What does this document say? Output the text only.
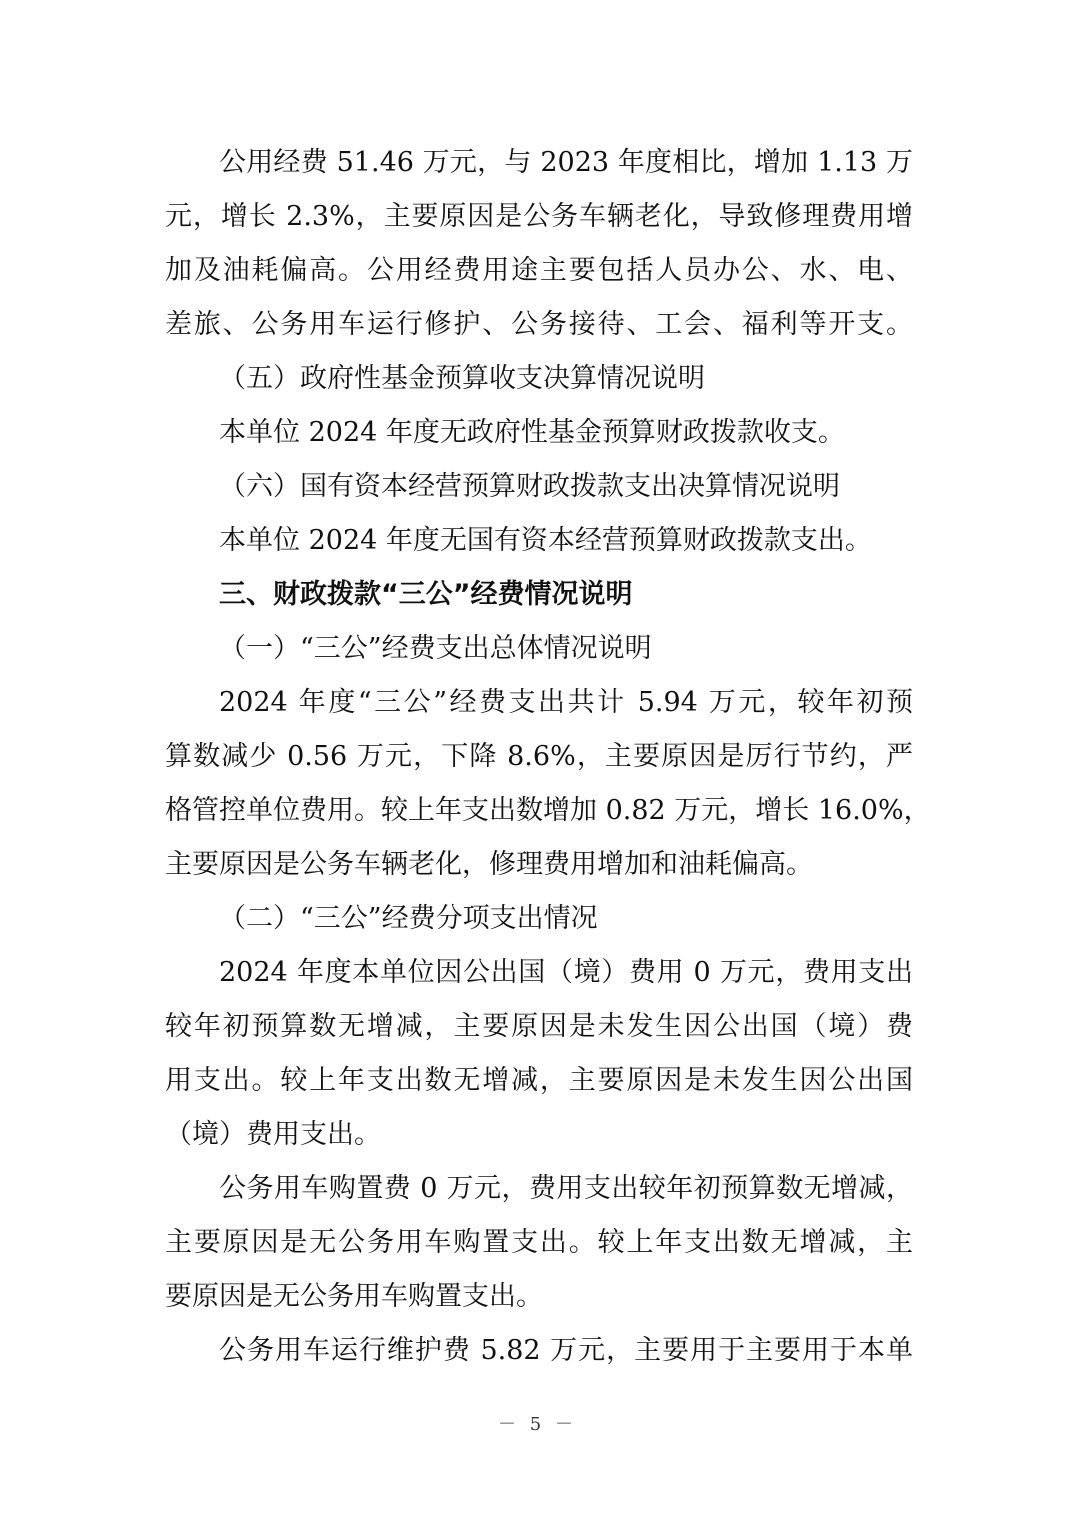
公用经费 51.46 万元，与 2023 年度相比，增加 1.13 万
元，增长 2.3%，主要原因是公务车辆老化，导致修理费用增
加及油耗偏高。公用经费用途主要包括人员办公、水、电、
差旅、公务用车运行修护、公务接待、工会、福利等开支。
（五）政府性基金预算收支决算情况说明
本单位 2024 年度无政府性基金预算财政拨款收支。
（六）国有资本经营预算财政拨款支出决算情况说明
本单位 2024 年度无国有资本经营预算财政拨款支出。
三、财政拨款“三公”经费情况说明
（一）“三公”经费支出总体情况说明
2024 年度“三公”经费支出共计 5.94 万元，较年初预
算数减少 0.56 万元，下降 8.6%，主要原因是厉行节约，严
格管控单位费用。较上年支出数增加 0.82 万元，增长 16.0%，
主要原因是公务车辆老化，修理费用增加和油耗偏高。
（二）“三公”经费分项支出情况
2024 年度本单位因公出国（境）费用 0 万元，费用支出
较年初预算数无增减，主要原因是未发生因公出国（境）费
用支出。较上年支出数无增减，主要原因是未发生因公出国
（境）费用支出。
公务用车购置费 0 万元，费用支出较年初预算数无增减，
主要原因是无公务用车购置支出。较上年支出数无增减，主
要原因是无公务用车购置支出。
公务用车运行维护费 5.82 万元，主要用于主要用于本单
－ 5 －
